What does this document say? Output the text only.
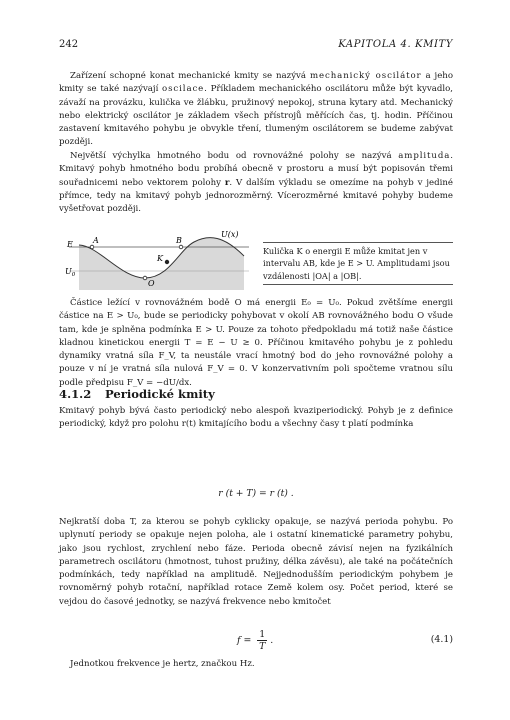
242	KAPITOLA 4. KMITY

Zařízení schopné konat mechanické kmity se nazývá mechanický oscilátor a jeho kmity se také nazývají oscilace. Příkladem mechanického oscilátoru může být kyvadlo, závaží na provázku, kulička ve žlábku, pružinový nepokoj, struna kytary atd. Mechanický nebo elektrický oscilátor je základem všech přístrojů měřících čas, tj. hodin. Příčinou zastavení kmitavého pohybu je obvykle tření, tlumeným oscilátorem se budeme zabývat později.

Největší výchylka hmotného bodu od rovnovážné polohy se nazývá amplituda. Kmitavý pohyb hmotného bodu probíhá obecně v prostoru a musí být popisován třemi souřadnicemi nebo vektorem polohy r. V dalším výkladu se omezíme na pohyb v jediné přímce, tedy na kmitavý pohyb jednorozměrný. Vícerozměrné kmitavé pohyby budeme vyšetřovat později.

E	A	B
K
O
$U_0$
U(x)
Kulička K o energii E může kmitat jen v intervalu AB, kde je E > U. Amplitudami jsou vzdálenosti |OA| a |OB|.

Částice ležící v rovnovážném bodě O má energii E₀ = U₀. Pokud zvětšíme energii částice na E > U₀, bude se periodicky pohybovat v okolí AB rovnovážného bodu O všude tam, kde je splněna podmínka E > U. Pouze za tohoto předpokladu má totiž naše částice kladnou kinetickou energii T = E − U ≥ 0. Příčinou kmitavého pohybu je z pohledu dynamiky vratná síla F_V, ta neustále vrací hmotný bod do jeho rovnovážné polohy a pouze v ní je vratná síla nulová F_V = 0. V konzervativním poli spočteme vratnou sílu podle předpisu F_V = −dU/dx.

4.1.2 Periodické kmity

Kmitavý pohyb bývá často periodický nebo alespoň kvaziperiodický. Pohyb je z definice periodický, když pro polohu r(t) kmitajícího bodu a všechny časy t platí podmínka

r (t + T) = r (t) .

Nejkratší doba T, za kterou se pohyb cyklicky opakuje, se nazývá perioda pohybu. Po uplynutí periody se opakuje nejen poloha, ale i ostatní kinematické parametry pohybu, jako jsou rychlost, zrychlení nebo fáze. Perioda obecně závisí nejen na fyzikálních parametrech oscilátoru (hmotnost, tuhost pružiny, délka závěsu), ale také na počátečních podmínkách, tedy například na amplitudě. Nejjednodušším periodickým pohybem je rovnoměrný pohyb rotační, například rotace Země kolem osy. Počet period, které se vejdou do časové jednotky, se nazývá frekvence nebo kmitočet

$f = \frac{1}{T}$ .	(4.1)

Jednotkou frekvence je hertz, značkou Hz.
